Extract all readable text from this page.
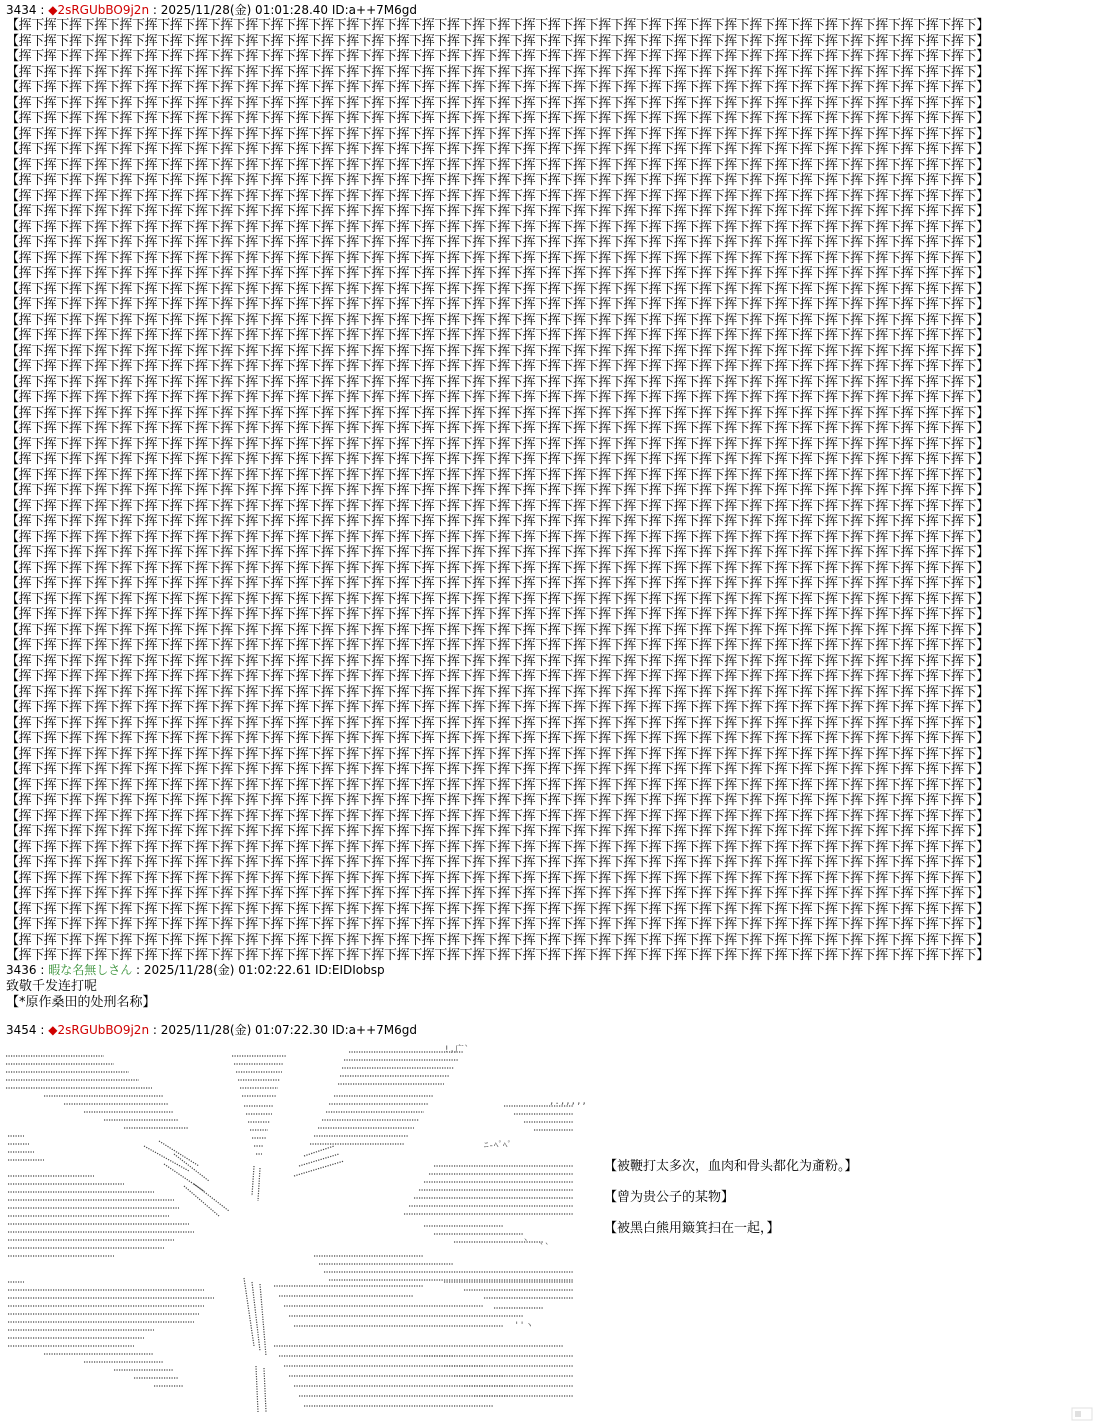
3434 : ◆2sRGUbBO9j2n : 2025/11/28(金) 01:01:28.40 ID:a++7M6gd
【挥下挥下挥下挥下挥下挥下挥下挥下挥下挥下挥下挥下挥下挥下挥下挥下挥下挥下挥下挥下挥下挥下挥下挥下挥下挥下挥下挥下挥下挥下挥下挥下挥下挥下挥下挥下挥下挥下】
【挥下挥下挥下挥下挥下挥下挥下挥下挥下挥下挥下挥下挥下挥下挥下挥下挥下挥下挥下挥下挥下挥下挥下挥下挥下挥下挥下挥下挥下挥下挥下挥下挥下挥下挥下挥下挥下挥下】
【挥下挥下挥下挥下挥下挥下挥下挥下挥下挥下挥下挥下挥下挥下挥下挥下挥下挥下挥下挥下挥下挥下挥下挥下挥下挥下挥下挥下挥下挥下挥下挥下挥下挥下挥下挥下挥下挥下】
【挥下挥下挥下挥下挥下挥下挥下挥下挥下挥下挥下挥下挥下挥下挥下挥下挥下挥下挥下挥下挥下挥下挥下挥下挥下挥下挥下挥下挥下挥下挥下挥下挥下挥下挥下挥下挥下挥下】
【挥下挥下挥下挥下挥下挥下挥下挥下挥下挥下挥下挥下挥下挥下挥下挥下挥下挥下挥下挥下挥下挥下挥下挥下挥下挥下挥下挥下挥下挥下挥下挥下挥下挥下挥下挥下挥下挥下】
【挥下挥下挥下挥下挥下挥下挥下挥下挥下挥下挥下挥下挥下挥下挥下挥下挥下挥下挥下挥下挥下挥下挥下挥下挥下挥下挥下挥下挥下挥下挥下挥下挥下挥下挥下挥下挥下挥下】
【挥下挥下挥下挥下挥下挥下挥下挥下挥下挥下挥下挥下挥下挥下挥下挥下挥下挥下挥下挥下挥下挥下挥下挥下挥下挥下挥下挥下挥下挥下挥下挥下挥下挥下挥下挥下挥下挥下】
【挥下挥下挥下挥下挥下挥下挥下挥下挥下挥下挥下挥下挥下挥下挥下挥下挥下挥下挥下挥下挥下挥下挥下挥下挥下挥下挥下挥下挥下挥下挥下挥下挥下挥下挥下挥下挥下挥下】
【挥下挥下挥下挥下挥下挥下挥下挥下挥下挥下挥下挥下挥下挥下挥下挥下挥下挥下挥下挥下挥下挥下挥下挥下挥下挥下挥下挥下挥下挥下挥下挥下挥下挥下挥下挥下挥下挥下】
【挥下挥下挥下挥下挥下挥下挥下挥下挥下挥下挥下挥下挥下挥下挥下挥下挥下挥下挥下挥下挥下挥下挥下挥下挥下挥下挥下挥下挥下挥下挥下挥下挥下挥下挥下挥下挥下挥下】
【挥下挥下挥下挥下挥下挥下挥下挥下挥下挥下挥下挥下挥下挥下挥下挥下挥下挥下挥下挥下挥下挥下挥下挥下挥下挥下挥下挥下挥下挥下挥下挥下挥下挥下挥下挥下挥下挥下】
【挥下挥下挥下挥下挥下挥下挥下挥下挥下挥下挥下挥下挥下挥下挥下挥下挥下挥下挥下挥下挥下挥下挥下挥下挥下挥下挥下挥下挥下挥下挥下挥下挥下挥下挥下挥下挥下挥下】
【挥下挥下挥下挥下挥下挥下挥下挥下挥下挥下挥下挥下挥下挥下挥下挥下挥下挥下挥下挥下挥下挥下挥下挥下挥下挥下挥下挥下挥下挥下挥下挥下挥下挥下挥下挥下挥下挥下】
【挥下挥下挥下挥下挥下挥下挥下挥下挥下挥下挥下挥下挥下挥下挥下挥下挥下挥下挥下挥下挥下挥下挥下挥下挥下挥下挥下挥下挥下挥下挥下挥下挥下挥下挥下挥下挥下挥下】
【挥下挥下挥下挥下挥下挥下挥下挥下挥下挥下挥下挥下挥下挥下挥下挥下挥下挥下挥下挥下挥下挥下挥下挥下挥下挥下挥下挥下挥下挥下挥下挥下挥下挥下挥下挥下挥下挥下】
【挥下挥下挥下挥下挥下挥下挥下挥下挥下挥下挥下挥下挥下挥下挥下挥下挥下挥下挥下挥下挥下挥下挥下挥下挥下挥下挥下挥下挥下挥下挥下挥下挥下挥下挥下挥下挥下挥下】
【挥下挥下挥下挥下挥下挥下挥下挥下挥下挥下挥下挥下挥下挥下挥下挥下挥下挥下挥下挥下挥下挥下挥下挥下挥下挥下挥下挥下挥下挥下挥下挥下挥下挥下挥下挥下挥下挥下】
【挥下挥下挥下挥下挥下挥下挥下挥下挥下挥下挥下挥下挥下挥下挥下挥下挥下挥下挥下挥下挥下挥下挥下挥下挥下挥下挥下挥下挥下挥下挥下挥下挥下挥下挥下挥下挥下挥下】
【挥下挥下挥下挥下挥下挥下挥下挥下挥下挥下挥下挥下挥下挥下挥下挥下挥下挥下挥下挥下挥下挥下挥下挥下挥下挥下挥下挥下挥下挥下挥下挥下挥下挥下挥下挥下挥下挥下】
【挥下挥下挥下挥下挥下挥下挥下挥下挥下挥下挥下挥下挥下挥下挥下挥下挥下挥下挥下挥下挥下挥下挥下挥下挥下挥下挥下挥下挥下挥下挥下挥下挥下挥下挥下挥下挥下挥下】
【挥下挥下挥下挥下挥下挥下挥下挥下挥下挥下挥下挥下挥下挥下挥下挥下挥下挥下挥下挥下挥下挥下挥下挥下挥下挥下挥下挥下挥下挥下挥下挥下挥下挥下挥下挥下挥下挥下】
【挥下挥下挥下挥下挥下挥下挥下挥下挥下挥下挥下挥下挥下挥下挥下挥下挥下挥下挥下挥下挥下挥下挥下挥下挥下挥下挥下挥下挥下挥下挥下挥下挥下挥下挥下挥下挥下挥下】
【挥下挥下挥下挥下挥下挥下挥下挥下挥下挥下挥下挥下挥下挥下挥下挥下挥下挥下挥下挥下挥下挥下挥下挥下挥下挥下挥下挥下挥下挥下挥下挥下挥下挥下挥下挥下挥下挥下】
【挥下挥下挥下挥下挥下挥下挥下挥下挥下挥下挥下挥下挥下挥下挥下挥下挥下挥下挥下挥下挥下挥下挥下挥下挥下挥下挥下挥下挥下挥下挥下挥下挥下挥下挥下挥下挥下挥下】
【挥下挥下挥下挥下挥下挥下挥下挥下挥下挥下挥下挥下挥下挥下挥下挥下挥下挥下挥下挥下挥下挥下挥下挥下挥下挥下挥下挥下挥下挥下挥下挥下挥下挥下挥下挥下挥下挥下】
【挥下挥下挥下挥下挥下挥下挥下挥下挥下挥下挥下挥下挥下挥下挥下挥下挥下挥下挥下挥下挥下挥下挥下挥下挥下挥下挥下挥下挥下挥下挥下挥下挥下挥下挥下挥下挥下挥下】
【挥下挥下挥下挥下挥下挥下挥下挥下挥下挥下挥下挥下挥下挥下挥下挥下挥下挥下挥下挥下挥下挥下挥下挥下挥下挥下挥下挥下挥下挥下挥下挥下挥下挥下挥下挥下挥下挥下】
【挥下挥下挥下挥下挥下挥下挥下挥下挥下挥下挥下挥下挥下挥下挥下挥下挥下挥下挥下挥下挥下挥下挥下挥下挥下挥下挥下挥下挥下挥下挥下挥下挥下挥下挥下挥下挥下挥下】
【挥下挥下挥下挥下挥下挥下挥下挥下挥下挥下挥下挥下挥下挥下挥下挥下挥下挥下挥下挥下挥下挥下挥下挥下挥下挥下挥下挥下挥下挥下挥下挥下挥下挥下挥下挥下挥下挥下】
【挥下挥下挥下挥下挥下挥下挥下挥下挥下挥下挥下挥下挥下挥下挥下挥下挥下挥下挥下挥下挥下挥下挥下挥下挥下挥下挥下挥下挥下挥下挥下挥下挥下挥下挥下挥下挥下挥下】
【挥下挥下挥下挥下挥下挥下挥下挥下挥下挥下挥下挥下挥下挥下挥下挥下挥下挥下挥下挥下挥下挥下挥下挥下挥下挥下挥下挥下挥下挥下挥下挥下挥下挥下挥下挥下挥下挥下】
【挥下挥下挥下挥下挥下挥下挥下挥下挥下挥下挥下挥下挥下挥下挥下挥下挥下挥下挥下挥下挥下挥下挥下挥下挥下挥下挥下挥下挥下挥下挥下挥下挥下挥下挥下挥下挥下挥下】
【挥下挥下挥下挥下挥下挥下挥下挥下挥下挥下挥下挥下挥下挥下挥下挥下挥下挥下挥下挥下挥下挥下挥下挥下挥下挥下挥下挥下挥下挥下挥下挥下挥下挥下挥下挥下挥下挥下】
【挥下挥下挥下挥下挥下挥下挥下挥下挥下挥下挥下挥下挥下挥下挥下挥下挥下挥下挥下挥下挥下挥下挥下挥下挥下挥下挥下挥下挥下挥下挥下挥下挥下挥下挥下挥下挥下挥下】
【挥下挥下挥下挥下挥下挥下挥下挥下挥下挥下挥下挥下挥下挥下挥下挥下挥下挥下挥下挥下挥下挥下挥下挥下挥下挥下挥下挥下挥下挥下挥下挥下挥下挥下挥下挥下挥下挥下】
【挥下挥下挥下挥下挥下挥下挥下挥下挥下挥下挥下挥下挥下挥下挥下挥下挥下挥下挥下挥下挥下挥下挥下挥下挥下挥下挥下挥下挥下挥下挥下挥下挥下挥下挥下挥下挥下挥下】
【挥下挥下挥下挥下挥下挥下挥下挥下挥下挥下挥下挥下挥下挥下挥下挥下挥下挥下挥下挥下挥下挥下挥下挥下挥下挥下挥下挥下挥下挥下挥下挥下挥下挥下挥下挥下挥下挥下】
【挥下挥下挥下挥下挥下挥下挥下挥下挥下挥下挥下挥下挥下挥下挥下挥下挥下挥下挥下挥下挥下挥下挥下挥下挥下挥下挥下挥下挥下挥下挥下挥下挥下挥下挥下挥下挥下挥下】
【挥下挥下挥下挥下挥下挥下挥下挥下挥下挥下挥下挥下挥下挥下挥下挥下挥下挥下挥下挥下挥下挥下挥下挥下挥下挥下挥下挥下挥下挥下挥下挥下挥下挥下挥下挥下挥下挥下】
【挥下挥下挥下挥下挥下挥下挥下挥下挥下挥下挥下挥下挥下挥下挥下挥下挥下挥下挥下挥下挥下挥下挥下挥下挥下挥下挥下挥下挥下挥下挥下挥下挥下挥下挥下挥下挥下挥下】
【挥下挥下挥下挥下挥下挥下挥下挥下挥下挥下挥下挥下挥下挥下挥下挥下挥下挥下挥下挥下挥下挥下挥下挥下挥下挥下挥下挥下挥下挥下挥下挥下挥下挥下挥下挥下挥下挥下】
【挥下挥下挥下挥下挥下挥下挥下挥下挥下挥下挥下挥下挥下挥下挥下挥下挥下挥下挥下挥下挥下挥下挥下挥下挥下挥下挥下挥下挥下挥下挥下挥下挥下挥下挥下挥下挥下挥下】
【挥下挥下挥下挥下挥下挥下挥下挥下挥下挥下挥下挥下挥下挥下挥下挥下挥下挥下挥下挥下挥下挥下挥下挥下挥下挥下挥下挥下挥下挥下挥下挥下挥下挥下挥下挥下挥下挥下】
【挥下挥下挥下挥下挥下挥下挥下挥下挥下挥下挥下挥下挥下挥下挥下挥下挥下挥下挥下挥下挥下挥下挥下挥下挥下挥下挥下挥下挥下挥下挥下挥下挥下挥下挥下挥下挥下挥下】
【挥下挥下挥下挥下挥下挥下挥下挥下挥下挥下挥下挥下挥下挥下挥下挥下挥下挥下挥下挥下挥下挥下挥下挥下挥下挥下挥下挥下挥下挥下挥下挥下挥下挥下挥下挥下挥下挥下】
【挥下挥下挥下挥下挥下挥下挥下挥下挥下挥下挥下挥下挥下挥下挥下挥下挥下挥下挥下挥下挥下挥下挥下挥下挥下挥下挥下挥下挥下挥下挥下挥下挥下挥下挥下挥下挥下挥下】
【挥下挥下挥下挥下挥下挥下挥下挥下挥下挥下挥下挥下挥下挥下挥下挥下挥下挥下挥下挥下挥下挥下挥下挥下挥下挥下挥下挥下挥下挥下挥下挥下挥下挥下挥下挥下挥下挥下】
【挥下挥下挥下挥下挥下挥下挥下挥下挥下挥下挥下挥下挥下挥下挥下挥下挥下挥下挥下挥下挥下挥下挥下挥下挥下挥下挥下挥下挥下挥下挥下挥下挥下挥下挥下挥下挥下挥下】
【挥下挥下挥下挥下挥下挥下挥下挥下挥下挥下挥下挥下挥下挥下挥下挥下挥下挥下挥下挥下挥下挥下挥下挥下挥下挥下挥下挥下挥下挥下挥下挥下挥下挥下挥下挥下挥下挥下】
【挥下挥下挥下挥下挥下挥下挥下挥下挥下挥下挥下挥下挥下挥下挥下挥下挥下挥下挥下挥下挥下挥下挥下挥下挥下挥下挥下挥下挥下挥下挥下挥下挥下挥下挥下挥下挥下挥下】
【挥下挥下挥下挥下挥下挥下挥下挥下挥下挥下挥下挥下挥下挥下挥下挥下挥下挥下挥下挥下挥下挥下挥下挥下挥下挥下挥下挥下挥下挥下挥下挥下挥下挥下挥下挥下挥下挥下】
【挥下挥下挥下挥下挥下挥下挥下挥下挥下挥下挥下挥下挥下挥下挥下挥下挥下挥下挥下挥下挥下挥下挥下挥下挥下挥下挥下挥下挥下挥下挥下挥下挥下挥下挥下挥下挥下挥下】
【挥下挥下挥下挥下挥下挥下挥下挥下挥下挥下挥下挥下挥下挥下挥下挥下挥下挥下挥下挥下挥下挥下挥下挥下挥下挥下挥下挥下挥下挥下挥下挥下挥下挥下挥下挥下挥下挥下】
【挥下挥下挥下挥下挥下挥下挥下挥下挥下挥下挥下挥下挥下挥下挥下挥下挥下挥下挥下挥下挥下挥下挥下挥下挥下挥下挥下挥下挥下挥下挥下挥下挥下挥下挥下挥下挥下挥下】
【挥下挥下挥下挥下挥下挥下挥下挥下挥下挥下挥下挥下挥下挥下挥下挥下挥下挥下挥下挥下挥下挥下挥下挥下挥下挥下挥下挥下挥下挥下挥下挥下挥下挥下挥下挥下挥下挥下】
【挥下挥下挥下挥下挥下挥下挥下挥下挥下挥下挥下挥下挥下挥下挥下挥下挥下挥下挥下挥下挥下挥下挥下挥下挥下挥下挥下挥下挥下挥下挥下挥下挥下挥下挥下挥下挥下挥下】
【挥下挥下挥下挥下挥下挥下挥下挥下挥下挥下挥下挥下挥下挥下挥下挥下挥下挥下挥下挥下挥下挥下挥下挥下挥下挥下挥下挥下挥下挥下挥下挥下挥下挥下挥下挥下挥下挥下】
【挥下挥下挥下挥下挥下挥下挥下挥下挥下挥下挥下挥下挥下挥下挥下挥下挥下挥下挥下挥下挥下挥下挥下挥下挥下挥下挥下挥下挥下挥下挥下挥下挥下挥下挥下挥下挥下挥下】
【挥下挥下挥下挥下挥下挥下挥下挥下挥下挥下挥下挥下挥下挥下挥下挥下挥下挥下挥下挥下挥下挥下挥下挥下挥下挥下挥下挥下挥下挥下挥下挥下挥下挥下挥下挥下挥下挥下】
【挥下挥下挥下挥下挥下挥下挥下挥下挥下挥下挥下挥下挥下挥下挥下挥下挥下挥下挥下挥下挥下挥下挥下挥下挥下挥下挥下挥下挥下挥下挥下挥下挥下挥下挥下挥下挥下挥下】
【挥下挥下挥下挥下挥下挥下挥下挥下挥下挥下挥下挥下挥下挥下挥下挥下挥下挥下挥下挥下挥下挥下挥下挥下挥下挥下挥下挥下挥下挥下挥下挥下挥下挥下挥下挥下挥下挥下】
3436 : 暇な名無しさん : 2025/11/28(金) 01:02:22.61 ID:EIDIobsp
致敬千发连打呢
【*原作桑田的处刑名称】
3454 : ◆2sRGUbBO9j2n : 2025/11/28(金) 01:07:22.30 ID:a++7M6gd
!,广`
,.,,,,,
ﾆ-ﾍﾟﾍﾟ
、
``
''ヽ
【被鞭打太多次，血肉和骨头都化为齑粉。】
【曾为贵公子的某物】
【被黑白熊用簸箕扫在一起，】
